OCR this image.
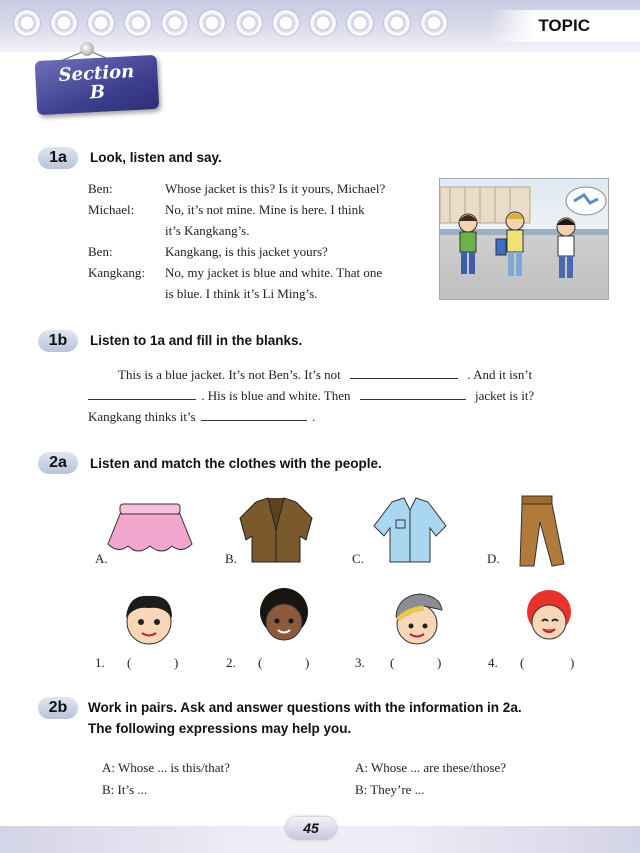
TOPIC
Section
B
1a	Look, listen and say.
Ben:	Whose jacket is this? Is it yours, Michael?
Michael:	No, it’s not mine. Mine is here. I think
it’s Kangkang’s.
Ben:	Kangkang, is this jacket yours?
Kangkang:	No, my jacket is blue and white. That one
is blue. I think it’s Li Ming’s.
1b	Listen to 1a and fill in the blanks.
This is a blue jacket. It’s not Ben’s. It’s not	. And it isn’t
. His is blue and white. Then	jacket is it?
Kangkang thinks it’s	.
2a	Listen and match the clothes with the people.
A.	B.	C.	D.
1. (	)	2. (	)	3. (	)	4. (	)
2b	Work in pairs. Ask and answer questions with the information in 2a.
The following expressions may help you.
A: Whose ... is this/that?
B: It’s ...
A: Whose ... are these/those?
B: They’re ...
45
